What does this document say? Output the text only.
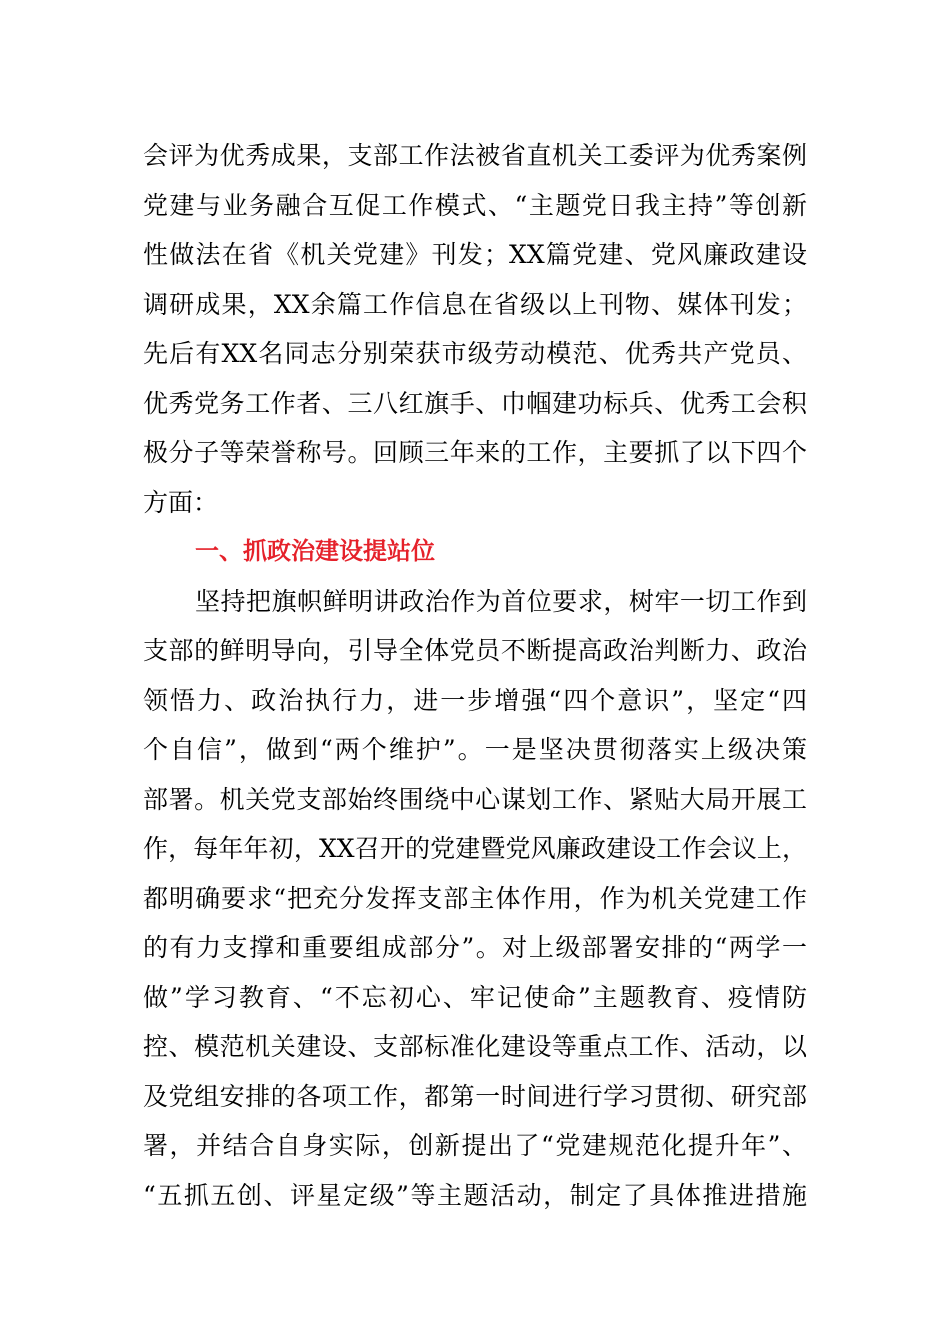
会评为优秀成果，支部工作法被省直机关工委评为优秀案例
党建与业务融合互促工作模式、“主题党日我主持”等创新
性做法在省《机关党建》刊发；XX篇党建、党风廉政建设
调研成果，XX余篇工作信息在省级以上刊物、媒体刊发；
先后有XX名同志分别荣获市级劳动模范、优秀共产党员、
优秀党务工作者、三八红旗手、巾帼建功标兵、优秀工会积
极分子等荣誉称号。回顾三年来的工作，主要抓了以下四个
方面：
一、抓政治建设提站位
坚持把旗帜鲜明讲政治作为首位要求，树牢一切工作到
支部的鲜明导向，引导全体党员不断提高政治判断力、政治
领悟力、政治执行力，进一步增强“四个意识”，坚定“四
个自信”，做到“两个维护”。一是坚决贯彻落实上级决策
部署。机关党支部始终围绕中心谋划工作、紧贴大局开展工
作，每年年初，XX召开的党建暨党风廉政建设工作会议上，
都明确要求“把充分发挥支部主体作用，作为机关党建工作
的有力支撑和重要组成部分”。对上级部署安排的“两学一
做”学习教育、“不忘初心、牢记使命”主题教育、疫情防
控、模范机关建设、支部标准化建设等重点工作、活动，以
及党组安排的各项工作，都第一时间进行学习贯彻、研究部
署，并结合自身实际，创新提出了“党建规范化提升年”、
“五抓五创、评星定级”等主题活动，制定了具体推进措施
